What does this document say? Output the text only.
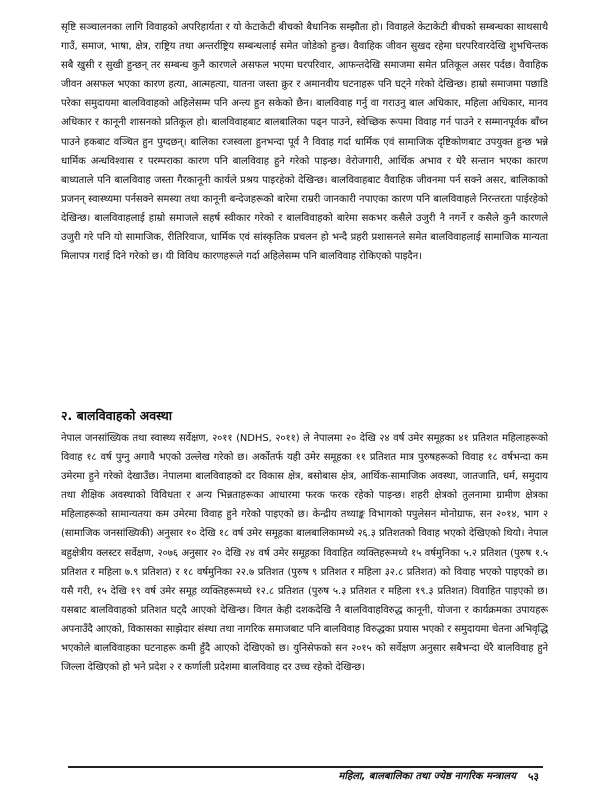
सृष्टि सञ्चालनका लागि विवाहको अपरिहार्यता र यो केटाकेटी बीचको बैधानिक सम्झौता हो। विवाहले केटाकेटी बीचको सम्बन्धका साथसाथै गाउँ, समाज, भाषा, क्षेत्र, राष्ट्रिय तथा अन्तर्राष्ट्रिय सम्बन्धलाई समेत जोडेको हुन्छ। वैवाहिक जीवन सुखद रहेमा घरपरिवारदेखि शुभचिन्तक सबै खुसी र सुखी हुन्छन् तर सम्बन्ध कुनै कारणले असफल भएमा घरपरिवार, आफन्तदेखि समाजमा समेत प्रतिकूल असर पर्दछ। वैवाहिक जीवन असफल भएका कारण हत्या, आत्महत्या, यातना जस्ता क्रुर र अमानवीय घटनाहरू पनि घट्ने गरेको देखिन्छ। हाम्रो समाजमा पछाडि परेका समुदायमा बालविवाहको अहिलेसम्म पनि अन्त्य हुन सकेको छैन। बालविवाह गर्नु वा गराउनु बाल अधिकार, महिला अधिकार, मानव अधिकार र कानूनी शासनको प्रतिकूल हो। बालविवाहबाट बालबालिका पढ्न पाउने, स्वेच्छिक रूपमा विवाह गर्न पाउने र सम्मानपूर्वक बाँच्न पाउने हकबाट वञ्चित हुन पुग्दछन्। बालिका रजस्वला हुनभन्दा पूर्व नै विवाह गर्दा धार्मिक एवं सामाजिक दृष्टिकोणबाट उपयुक्त हुन्छ भन्ने धार्मिक अन्धविश्वास र परम्पराका कारण पनि बालविवाह हुने गरेको पाइन्छ। वेरोजगारी, आर्थिक अभाव र धेरै सन्तान भएका कारण बाध्यताले पनि बालविवाह जस्ता गैरकानूनी कार्यले प्रश्रय पाइरहेको देखिन्छ। बालविवाहबाट वैवाहिक जीवनमा पर्न सक्ने असर, बालिकाको प्रजनन् स्वास्थ्यमा पर्नसक्ने समस्या तथा कानूनी बन्देजहरूको बारेमा राम्ररी जानकारी नपाएका कारण पनि बालविवाहले निरन्तरता पाईरहेको देखिन्छ। बालविवाहलाई हाम्रो समाजले सहर्ष स्वीकार गरेको र बालविवाहको बारेमा सकभर कसैले उजुरी नै नगर्ने र कसैले कुनै कारणले उजुरी गरे पनि यो सामाजिक, रीतिरिवाज, धार्मिक एवं सांस्कृतिक प्रचलन हो भन्दै प्रहरी प्रशासनले समेत बालविवाहलाई सामाजिक मान्यता मिलापत्र गराई दिने गरेको छ। यी विविध कारणहरूले गर्दा अहिलेसम्म पनि बालविवाह रोकिएको पाइदैन।

२. बालविवाहको अवस्था

नेपाल जनसांख्यिक तथा स्वास्थ्य सर्वेक्षण, २०११ (NDHS, २०११) ले नेपालमा २० देखि २४ वर्ष उमेर समूहका ४१ प्रतिशत महिलाहरूको विवाह १८ वर्ष पुग्नु अगावै भएको उल्लेख गरेको छ। अर्कोतर्फ यही उमेर समूहका ११ प्रतिशत मात्र पुरुषहरूको विवाह १८ वर्षभन्दा कम उमेरमा हुने गरेको देखाउँछ। नेपालमा बालविवाहको दर विकास क्षेत्र, बसोबास क्षेत्र, आर्थिक-सामाजिक अवस्था, जातजाति, धर्म, समुदाय तथा शैक्षिक अवस्थाको विविधता र अन्य भिन्नताहरूका आधारमा फरक फरक रहेको पाइन्छ। शहरी क्षेत्रको तुलनामा ग्रामीण क्षेत्रका महिलाहरूको सामान्यतया कम उमेरमा विवाह हुने गरेको पाइएको छ। केन्द्रीय तथ्याङ्क विभागको पपुलेसन मोनोग्राफ, सन २०१४, भाग २ (सामाजिक जनसांख्यिकी) अनुसार १० देखि १८ वर्ष उमेर समूहका बालबालिकामध्ये २६.३ प्रतिशतको विवाह भएको देखिएको थियो। नेपाल बहुक्षेत्रीय क्लस्टर सर्वेक्षण, २०७६ अनुसार २० देखि २४ वर्ष उमेर समूहका विवाहित व्यक्तिहरूमध्ये १५ वर्षमुनिका ५.२ प्रतिशत (पुरुष १.५ प्रतिशत र महिला ७.९ प्रतिशत) र १८ वर्षमुनिका २२.७ प्रतिशत (पुरुष ९ प्रतिशत र महिला ३२.८ प्रतिशत) को विवाह भएको पाइएको छ। यसै गरी, १५ देखि १९ वर्ष उमेर समूह व्यक्तिहरूमध्ये १२.८ प्रतिशत (पुरुष ५.३ प्रतिशत र महिला १९.३ प्रतिशत) विवाहित पाइएको छ। यसबाट बालविवाहको प्रतिशत घट्दै आएको देखिन्छ। विगत केही दशकदेखि नै बालविवाहविरुद्ध कानूनी, योजना र कार्यक्रमका उपायहरू अपनाउँदै आएको, विकासका साझेदार संस्था तथा नागरिक समाजबाट पनि बालविवाह विरुद्धका प्रयास भएको र समुदायमा चेतना अभिवृद्धि भएकोले बालविवाहका घटनाहरू कमी हुँदै आएको देखिएको छ। युनिसेफको सन २०१५ को सर्वेक्षण अनुसार सबैभन्दा धेरै बालविवाह हुने जिल्ला देखिएको हो भने प्रदेश २ र कर्णाली प्रदेशमा बालविवाह दर उच्च रहेको देखिन्छ।

महिला, बालबालिका तथा ज्येष्ठ नागरिक मन्त्रालय ५३
